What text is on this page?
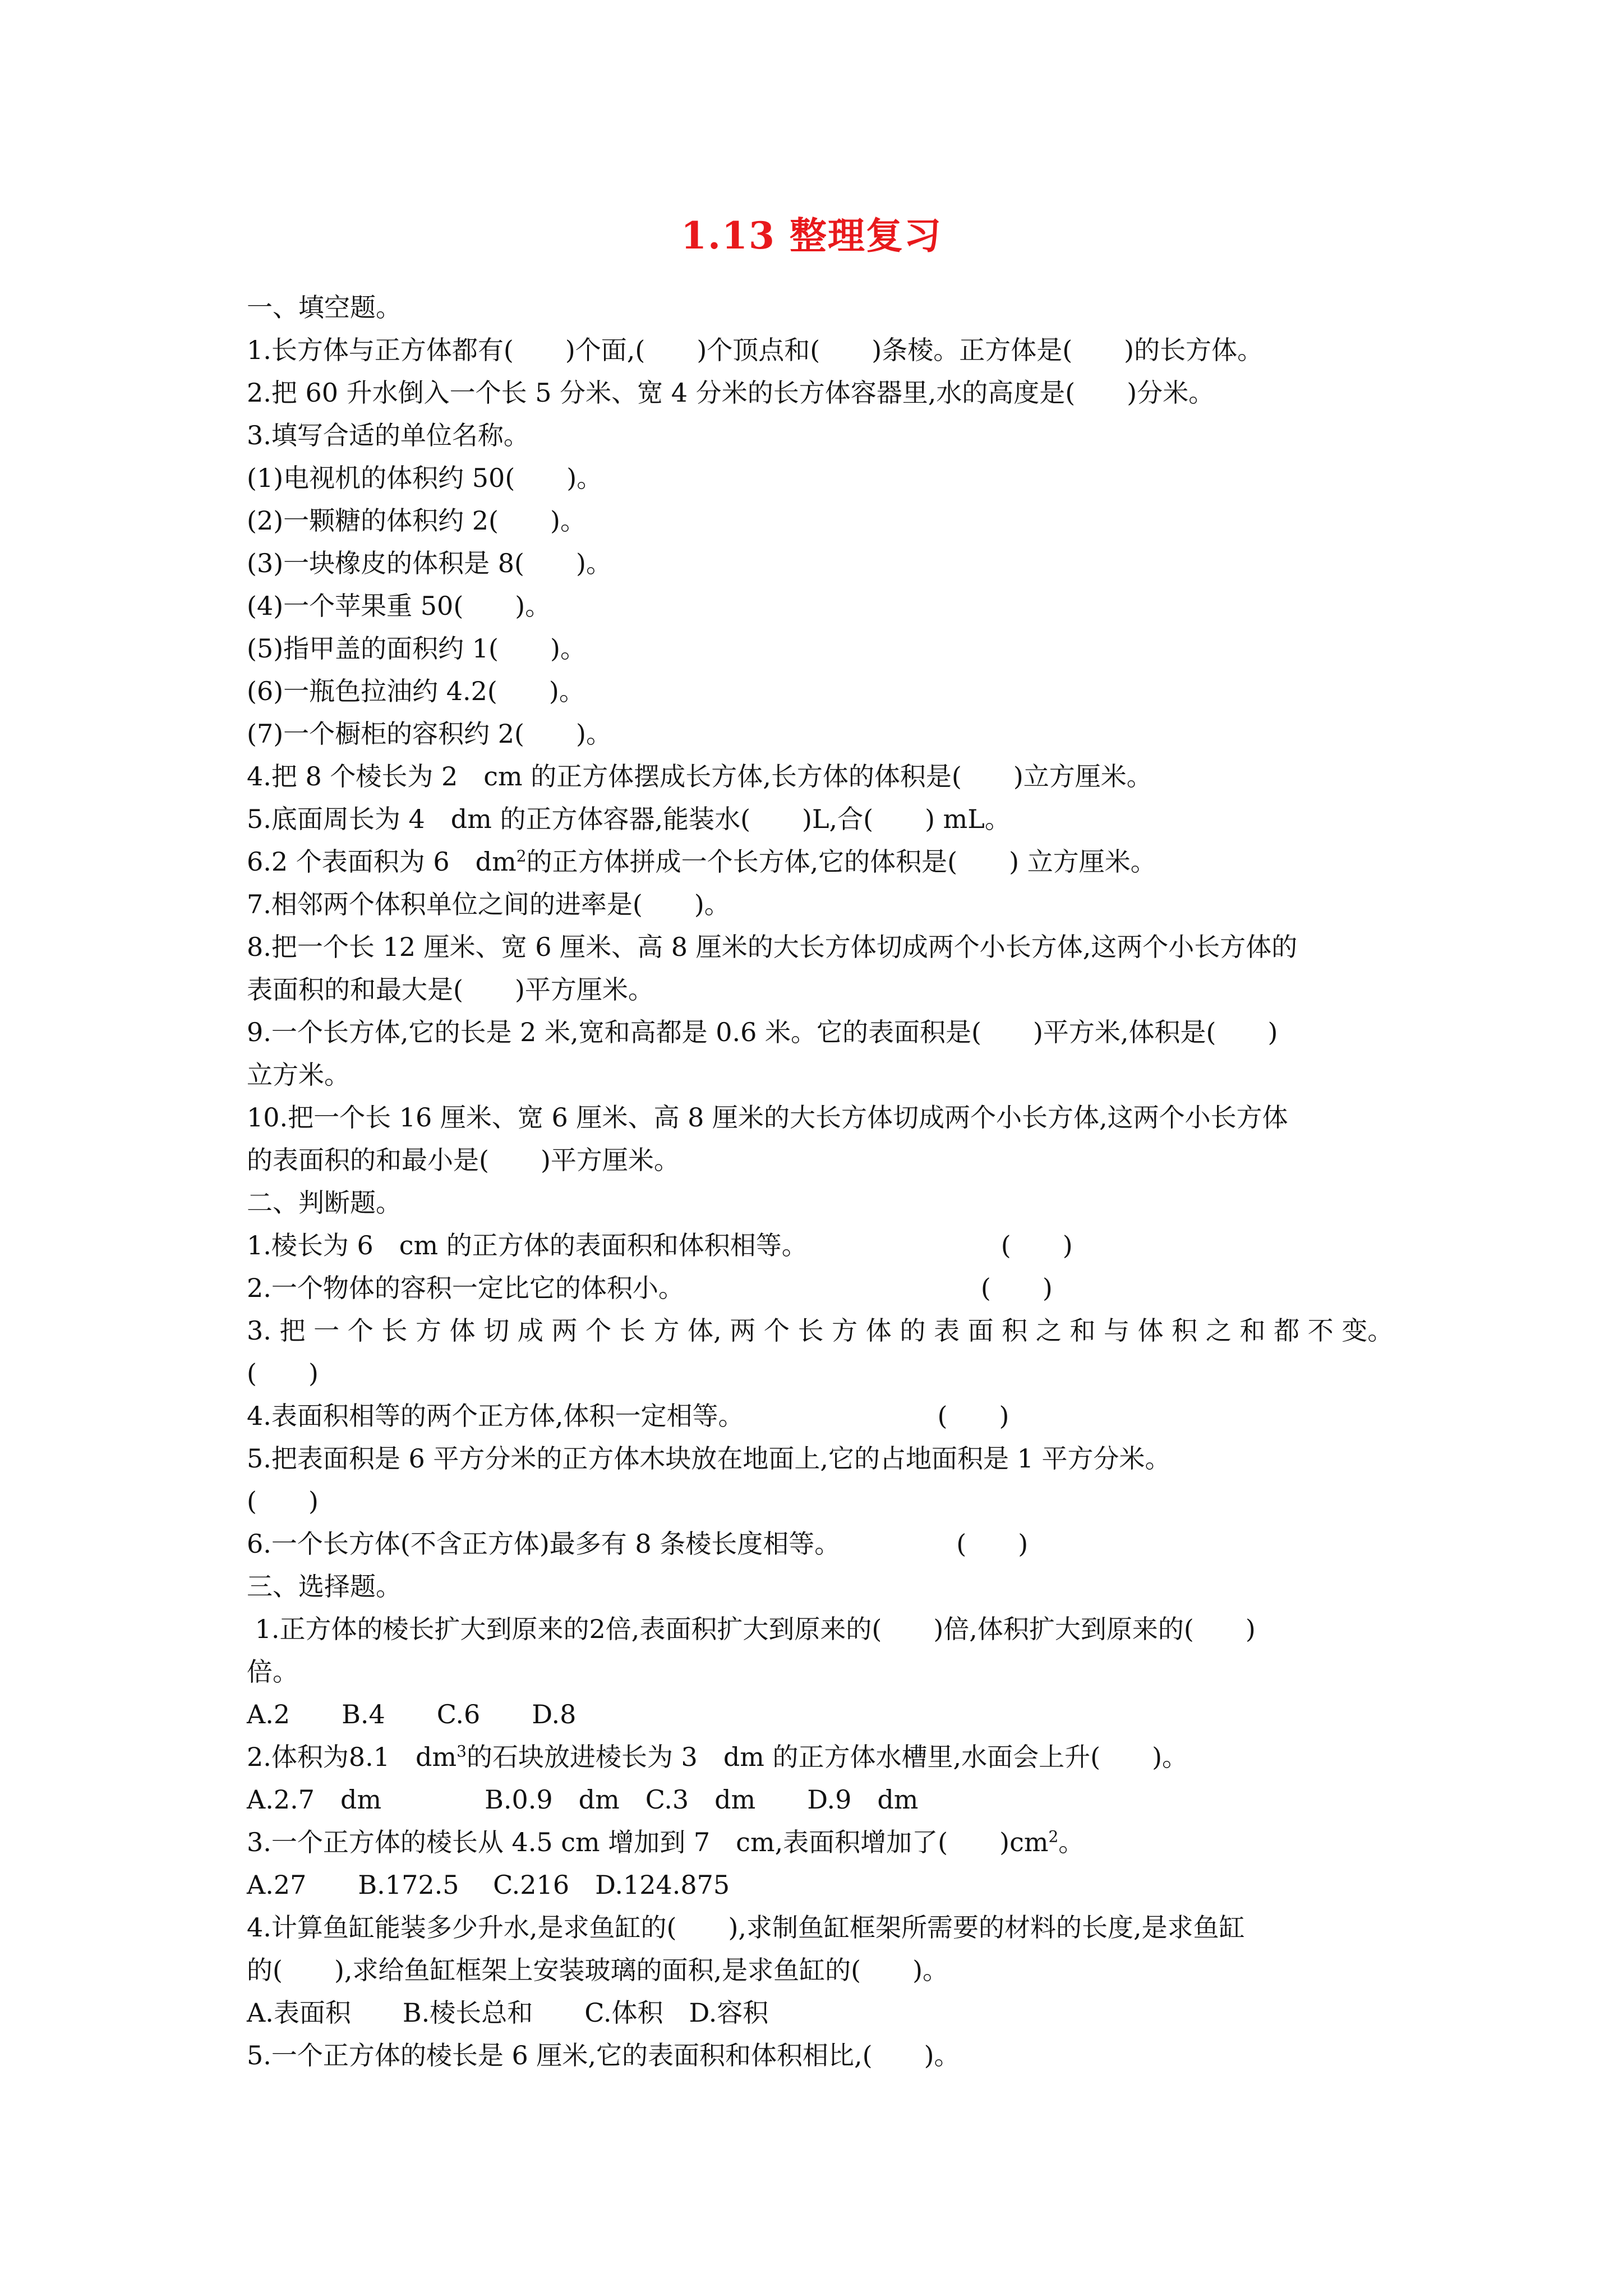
1.13 整理复习
一、填空题。
1.长方体与正方体都有(　　)个面,(　　)个顶点和(　　)条棱。正方体是(　　)的长方体。
2.把 60 升水倒入一个长 5 分米、宽 4 分米的长方体容器里,水的高度是(　　)分米。
3.填写合适的单位名称。
(1)电视机的体积约 50(　　)。
(2)一颗糖的体积约 2(　　)。
(3)一块橡皮的体积是 8(　　)。
(4)一个苹果重 50(　　)。
(5)指甲盖的面积约 1(　　)。
(6)一瓶色拉油约 4.2(　　)。
(7)一个橱柜的容积约 2(　　)。
4.把 8 个棱长为 2　cm 的正方体摆成长方体,长方体的体积是(　　)立方厘米。
5.底面周长为 4　dm 的正方体容器,能装水(　　)L,合(　　) mL。
6.2 个表面积为 6　$dm^2$的正方体拼成一个长方体,它的体积是(　　) 立方厘米。
7.相邻两个体积单位之间的进率是(　　)。
8.把一个长 12 厘米、宽 6 厘米、高 8 厘米的大长方体切成两个小长方体,这两个小长方体的
表面积的和最大是(　　)平方厘米。
9.一个长方体,它的长是 2 米,宽和高都是 0.6 米。它的表面积是(　　)平方米,体积是(　　)
立方米。
10.把一个长 16 厘米、宽 6 厘米、高 8 厘米的大长方体切成两个小长方体,这两个小长方体
的表面积的和最小是(　　)平方厘米。
二、判断题。
1.棱长为 6　cm 的正方体的表面积和体积相等。　　　　　　　　(　　)
2.一个物体的容积一定比它的体积小。　　　　　　　　　　　　(　　)
3. 把 一 个 长 方 体 切 成 两 个 长 方 体, 两 个 长 方 体 的 表 面 积 之 和 与 体 积 之 和 都 不 变。
(　　)
4.表面积相等的两个正方体,体积一定相等。　　　　　　　　(　　)
5.把表面积是 6 平方分米的正方体木块放在地面上,它的占地面积是 1 平方分米。
(　　)
6.一个长方体(不含正方体)最多有 8 条棱长度相等。　　　　　(　　)
三、选择题。
1.正方体的棱长扩大到原来的2倍,表面积扩大到原来的(　　)倍,体积扩大到原来的(　　)
倍。
A.2　　B.4　　C.6　　D.8
2.体积为8.1　$dm^3$的石块放进棱长为 3　dm 的正方体水槽里,水面会上升(　　)。
A.2.7　dm　　　　B.0.9　dm　C.3　dm　　D.9　dm
3.一个正方体的棱长从 4.5 cm 增加到 7　cm,表面积增加了(　　)$cm^2$。
A.27　　B.172.5　 C.216　D.124.875
4.计算鱼缸能装多少升水,是求鱼缸的(　　),求制鱼缸框架所需要的材料的长度,是求鱼缸
的(　　),求给鱼缸框架上安装玻璃的面积,是求鱼缸的(　　)。
A.表面积　　B.棱长总和　　C.体积　D.容积
5.一个正方体的棱长是 6 厘米,它的表面积和体积相比,(　　)。
